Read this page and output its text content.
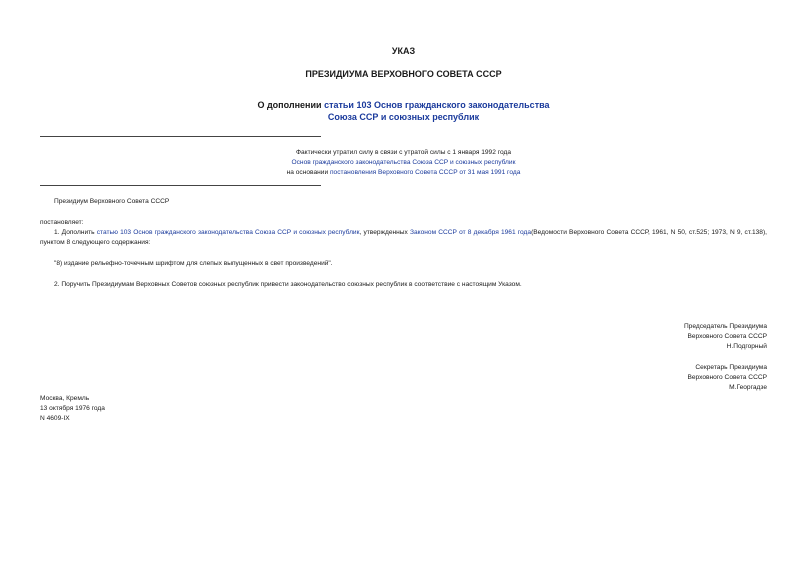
УКАЗ
ПРЕЗИДИУМА ВЕРХОВНОГО СОВЕТА СССР
О дополнении статьи 103 Основ гражданского законодательства
Союза ССР и союзных республик
Фактически утратил силу в связи с утратой силы с 1 января 1992 года
Основ гражданского законодательства Союза ССР и союзных республик
на основании постановления Верховного Совета СССР от 31 мая 1991 года
Президиум Верховного Совета СССР
постановляет:
1. Дополнить статью 103 Основ гражданского законодательства Союза ССР и союзных республик, утвержденных Законом СССР от 8 декабря 1961 года(Ведомости Верховного Совета СССР, 1961, N 50, ст.525; 1973, N 9, ст.138), пунктом 8 следующего содержания:
"8) издание рельефно-точечным шрифтом для слепых выпущенных в свет произведений".
2. Поручить Президиумам Верховных Советов союзных республик привести законодательство союзных республик в соответствие с настоящим Указом.
Председатель Президиума
Верховного Совета СССР
Н.Подгорный
Секретарь Президиума
Верховного Совета СССР
М.Георгадзе
Москва, Кремль
13 октября 1976 года
N 4609-IX
